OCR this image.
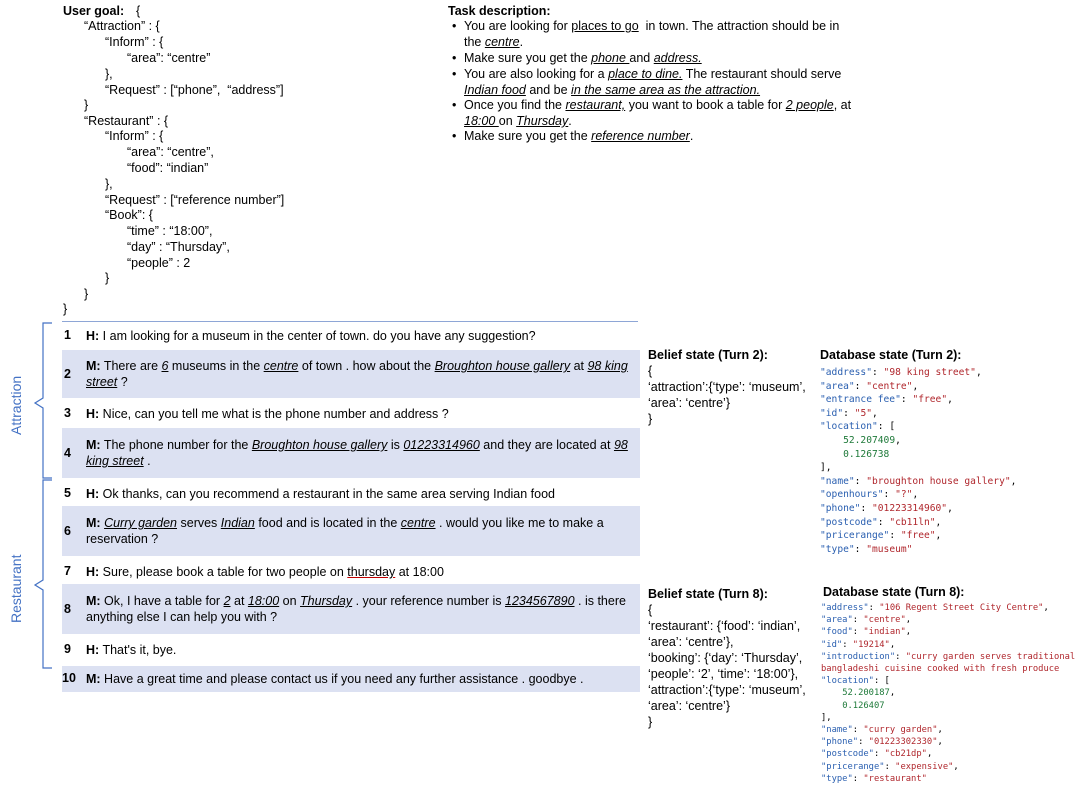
User goal: {
“Attraction” : {
“Inform” : {
“area”: “centre”
},
“Request” : [“phone”,  “address”]
}
“Restaurant” : {
“Inform” : {
“area”: “centre”,
“food”: “indian”
},
“Request” : [“reference number”]
“Book”: {
“time” : “18:00”,
“day” : “Thursday”,
“people” : 2
}
}
}
Task description:
• You are looking for places to go  in town. The attraction should be in
the centre.
• Make sure you get the phone and address.
• You are also looking for a place to dine. The restaurant should serve
Indian food and be in the same area as the attraction.
• Once you find the restaurant, you want to book a table for 2 people, at
18:00 on Thursday.
• Make sure you get the reference number.
Attraction
Restaurant
1 H: I am looking for a museum in the center of town. do you have any suggestion?
2
M: There are 6 museums in the centre of town . how about the Broughton house gallery at 98 king street ?
3 H: Nice, can you tell me what is the phone number and address ?
4
M: The phone number for the Broughton house gallery is 01223314960 and they are located at 98 king street .
5 H: Ok thanks, can you recommend a restaurant in the same area serving Indian food
6
M: Curry garden serves Indian food and is located in the centre . would you like me to make a reservation ?
7 H: Sure, please book a table for two people on thursday at 18:00
8
M: Ok, I have a table for 2 at 18:00 on Thursday . your reference number is 1234567890 . is there anything else I can help you with ?
9 H: That's it, bye.
10 M: Have a great time and please contact us if you need any further assistance . goodbye .
Belief state (Turn 2):
{
‘attraction’:{‘type’: ‘museum’,
‘area’: ‘centre’}
}
Belief state (Turn 8):
{
‘restaurant’: {‘food’: ‘indian’,
‘area’: ‘centre’},
‘booking’: {‘day’: ‘Thursday’,
‘people’: ‘2’, ‘time’: ‘18:00’},
‘attraction’:{‘type’: ‘museum’,
‘area’: ‘centre’}
}
Database state (Turn 2):
"address": "98 king street",
"area": "centre",
"entrance fee": "free",
"id": "5",
"location": [
52.207409,
0.126738
],
"name": "broughton house gallery",
"openhours": "?",
"phone": "01223314960",
"postcode": "cb11ln",
"pricerange": "free",
"type": "museum"
Database state (Turn 8):
"address": "106 Regent Street City Centre",
"area": "centre",
"food": "indian",
"id": "19214",
"introduction": "curry garden serves traditional
bangladeshi cuisine cooked with fresh produce
"location": [
52.200187,
0.126407
],
"name": "curry garden",
"phone": "01223302330",
"postcode": "cb21dp",
"pricerange": "expensive",
"type": "restaurant"
